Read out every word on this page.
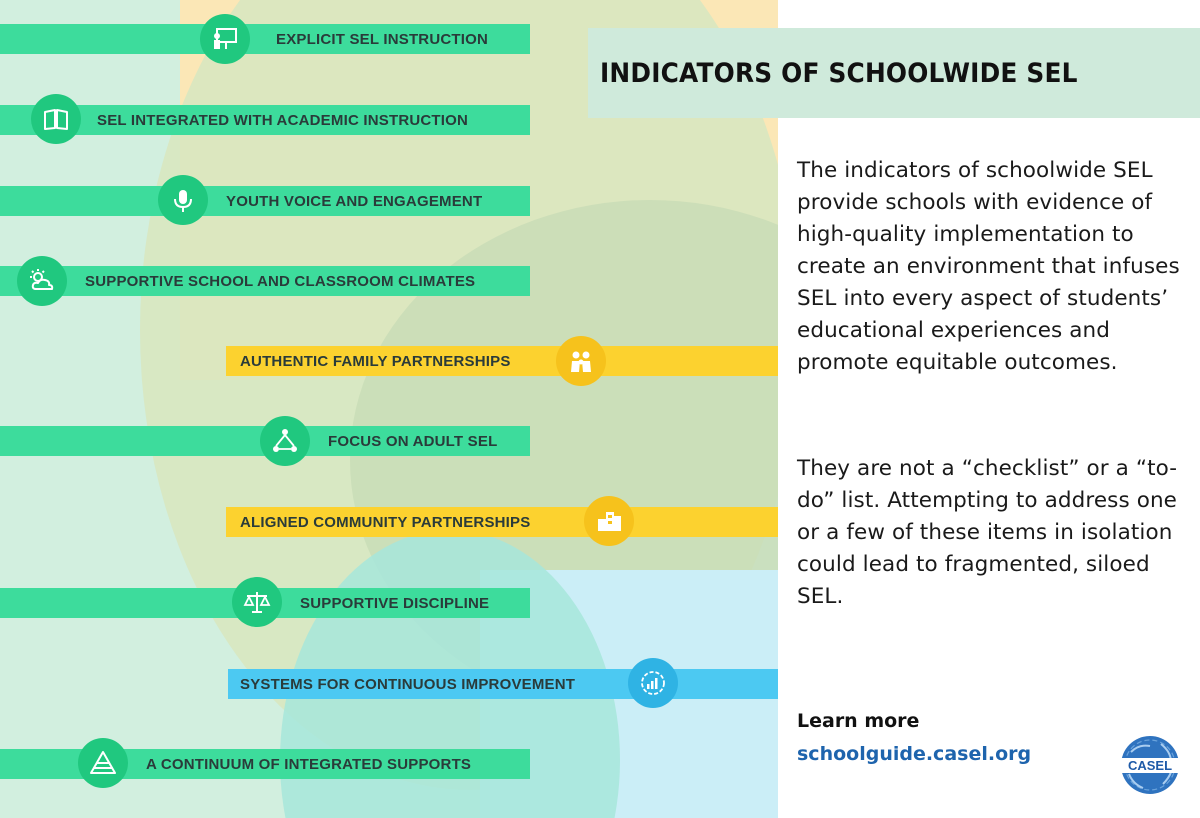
EXPLICIT SEL INSTRUCTION
SEL INTEGRATED WITH ACADEMIC INSTRUCTION
YOUTH VOICE AND ENGAGEMENT
SUPPORTIVE SCHOOL AND CLASSROOM CLIMATES
AUTHENTIC FAMILY PARTNERSHIPS
FOCUS ON ADULT SEL
ALIGNED COMMUNITY PARTNERSHIPS
SUPPORTIVE DISCIPLINE
SYSTEMS FOR CONTINUOUS IMPROVEMENT
A CONTINUUM OF INTEGRATED SUPPORTS
INDICATORS OF SCHOOLWIDE SEL
The indicators of schoolwide SEL provide schools with evidence of high-quality implementation to create an environment that infuses SEL into every aspect of students’ educational experiences and promote equitable outcomes.
They are not a “checklist” or a “to-do” list. Attempting to address one or a few of these items in isolation could lead to fragmented, siloed SEL.
Learn more
schoolguide.casel.org
CASEL
